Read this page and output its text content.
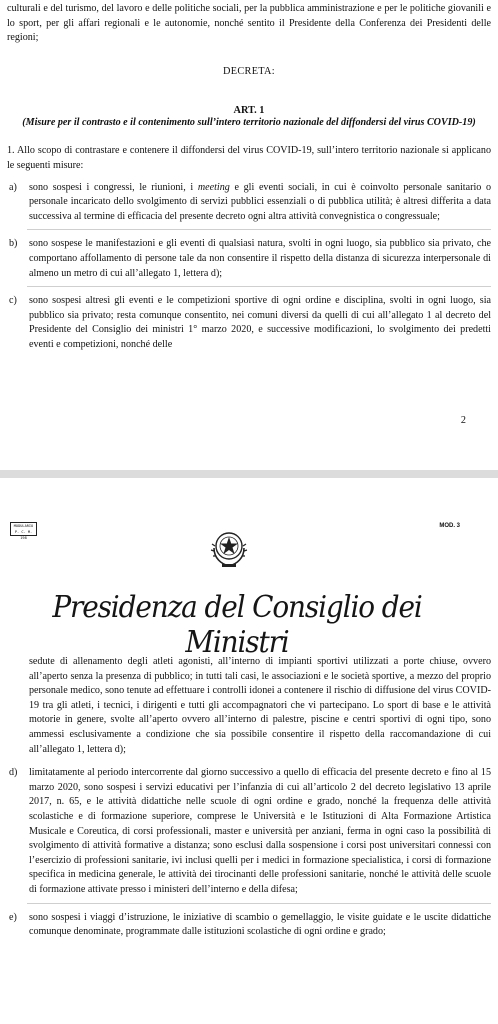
culturali e del turismo, del lavoro e delle politiche sociali, per la pubblica amministrazione e per le politiche giovanili e lo sport, per gli affari regionali e le autonomie, nonché sentito il Presidente della Conferenza dei Presidenti delle regioni;

DECRETA:
ART. 1
(Misure per il contrasto e il contenimento sull’intero territorio nazionale del diffondersi del virus COVID-19)

1. Allo scopo di contrastare e contenere il diffondersi del virus COVID-19, sull’intero territorio nazionale si applicano le seguenti misure:

a)	sono sospesi i congressi, le riunioni, i meeting e gli eventi sociali, in cui è coinvolto personale sanitario o personale incaricato dello svolgimento di servizi pubblici essenziali o di pubblica utilità; è altresì differita a data successiva al termine di efficacia del presente decreto ogni altra attività convegnistica o congressuale;
b)	sono sospese le manifestazioni e gli eventi di qualsiasi natura, svolti in ogni luogo, sia pubblico sia privato, che comportano affollamento di persone tale da non consentire il rispetto della distanza di sicurezza interpersonale di almeno un metro di cui all’allegato 1, lettera d);
c)	sono sospesi altresì gli eventi e le competizioni sportive di ogni ordine e disciplina, svolti in ogni luogo, sia pubblico sia privato; resta comunque consentito, nei comuni diversi da quelli di cui all’allegato 1 al decreto del Presidente del Consiglio dei ministri 1° marzo 2020, e successive modificazioni, lo svolgimento dei predetti eventi e competizioni, nonché delle
2
MODULARIO
P. C. M. 198
MOD. 3
Presidenza del Consiglio dei Ministri

sedute di allenamento degli atleti agonisti, all’interno di impianti sportivi utilizzati a porte chiuse, ovvero all’aperto senza la presenza di pubblico; in tutti tali casi, le associazioni e le società sportive, a mezzo del proprio personale medico, sono tenute ad effettuare i controlli idonei a contenere il rischio di diffusione del virus COVID-19 tra gli atleti, i tecnici, i dirigenti e tutti gli accompagnatori che vi partecipano. Lo sport di base e le attività motorie in genere, svolte all’aperto ovvero all’interno di palestre, piscine e centri sportivi di ogni tipo, sono ammessi esclusivamente a condizione che sia possibile consentire il rispetto della raccomandazione di cui all’allegato 1, lettera d);

d)	limitatamente al periodo intercorrente dal giorno successivo a quello di efficacia del presente decreto e fino al 15 marzo 2020, sono sospesi i servizi educativi per l’infanzia di cui all’articolo 2 del decreto legislativo 13 aprile 2017, n. 65, e le attività didattiche nelle scuole di ogni ordine e grado, nonché la frequenza delle attività scolastiche e di formazione superiore, comprese le Università e le Istituzioni di Alta Formazione Artistica Musicale e Coreutica, di corsi professionali, master e università per anziani, ferma in ogni caso la possibilità di svolgimento di attività formative a distanza; sono esclusi dalla sospensione i corsi post universitari connessi con l’esercizio di professioni sanitarie, ivi inclusi quelli per i medici in formazione specialistica, i corsi di formazione specifica in medicina generale, le attività dei tirocinanti delle professioni sanitarie, nonché le attività delle scuole di formazione attivate presso i ministeri dell’interno e della difesa;
e)	sono sospesi i viaggi d’istruzione, le iniziative di scambio o gemellaggio, le visite guidate e le uscite didattiche comunque denominate, programmate dalle istituzioni scolastiche di ogni ordine e grado;
